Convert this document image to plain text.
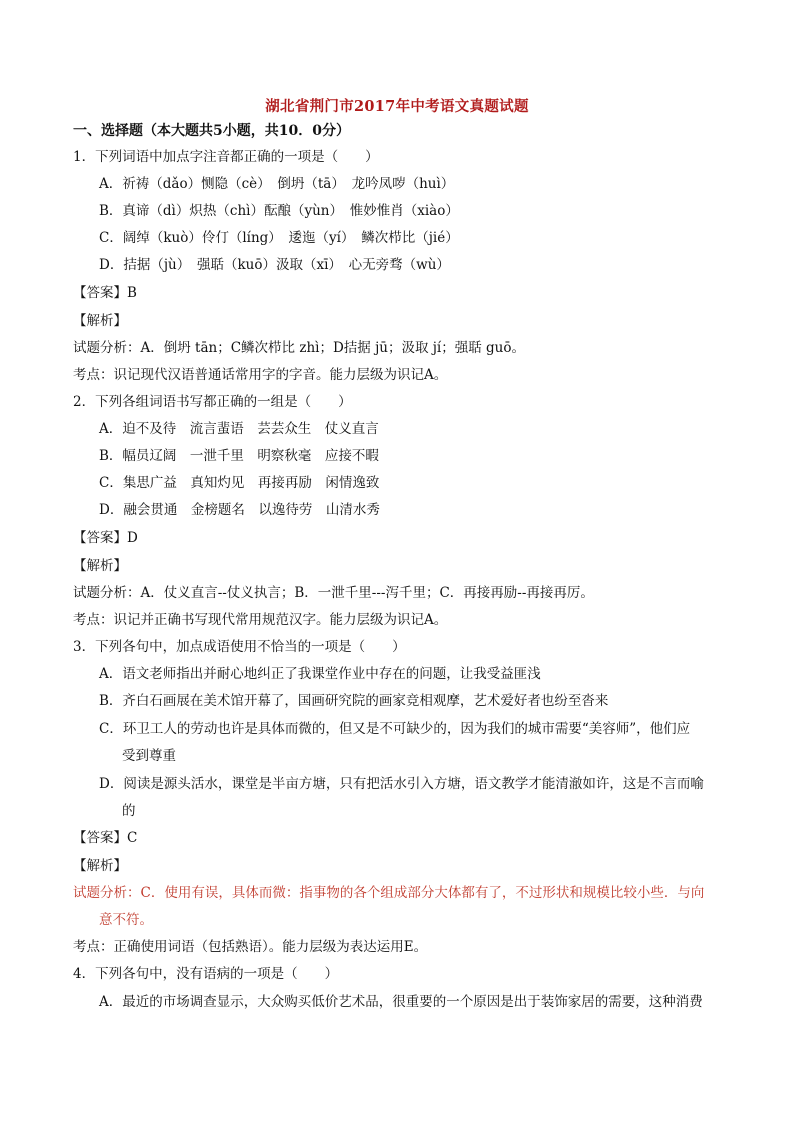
湖北省荆门市2017年中考语文真题试题
一、选择题（本大题共5小题，共10．0分）
1．下列词语中加点字注音都正确的一项是（　　）
A．祈祷（dǎo）恻隐（cè）　倒坍（tā）　龙吟凤哕（huì）
B．真谛（dì）炽热（chì）酝酿（yùn）　惟妙惟肖（xiào）
C．阔绰（kuò）伶仃（líng）　逶迤（yí）　鳞次栉比（jié）
D．拮据（jù）　强聒（kuō）汲取（xī）　心无旁骛（wù）
【答案】B
【解析】
试题分析：A．倒坍 tān；C鳞次栉比 zhì；D拮据 jū；汲取 jí；强聒 guō。
考点：识记现代汉语普通话常用字的字音。能力层级为识记A。
2．下列各组词语书写都正确的一组是（　　）
A．迫不及待　流言蜚语　芸芸众生　仗义直言
B．幅员辽阔　一泄千里　明察秋毫　应接不暇
C．集思广益　真知灼见　再接再励　闲情逸致
D．融会贯通　金榜题名　以逸待劳　山清水秀
【答案】D
【解析】
试题分析：A．仗义直言--仗义执言；B．一泄千里---泻千里；C．再接再励--再接再厉。
考点：识记并正确书写现代常用规范汉字。能力层级为识记A。
3．下列各句中，加点成语使用不恰当的一项是（　　）
A．语文老师指出并耐心地纠正了我课堂作业中存在的问题，让我受益匪浅
B．齐白石画展在美术馆开幕了，国画研究院的画家竞相观摩，艺术爱好者也纷至沓来
C．环卫工人的劳动也许是具体而微的，但又是不可缺少的，因为我们的城市需要“美容师”，他们应
受到尊重
D．阅读是源头活水，课堂是半亩方塘，只有把活水引入方塘，语文教学才能清澈如许，这是不言而喻
的
【答案】C
【解析】
试题分析：C．使用有误，具体而微：指事物的各个组成部分大体都有了，不过形状和规模比较小些．与向
意不符。
考点：正确使用词语（包括熟语）。能力层级为表达运用E。
4．下列各句中，没有语病的一项是（　　）
A．最近的市场调查显示，大众购买低价艺术品，很重要的一个原因是出于装饰家居的需要，这种消费
